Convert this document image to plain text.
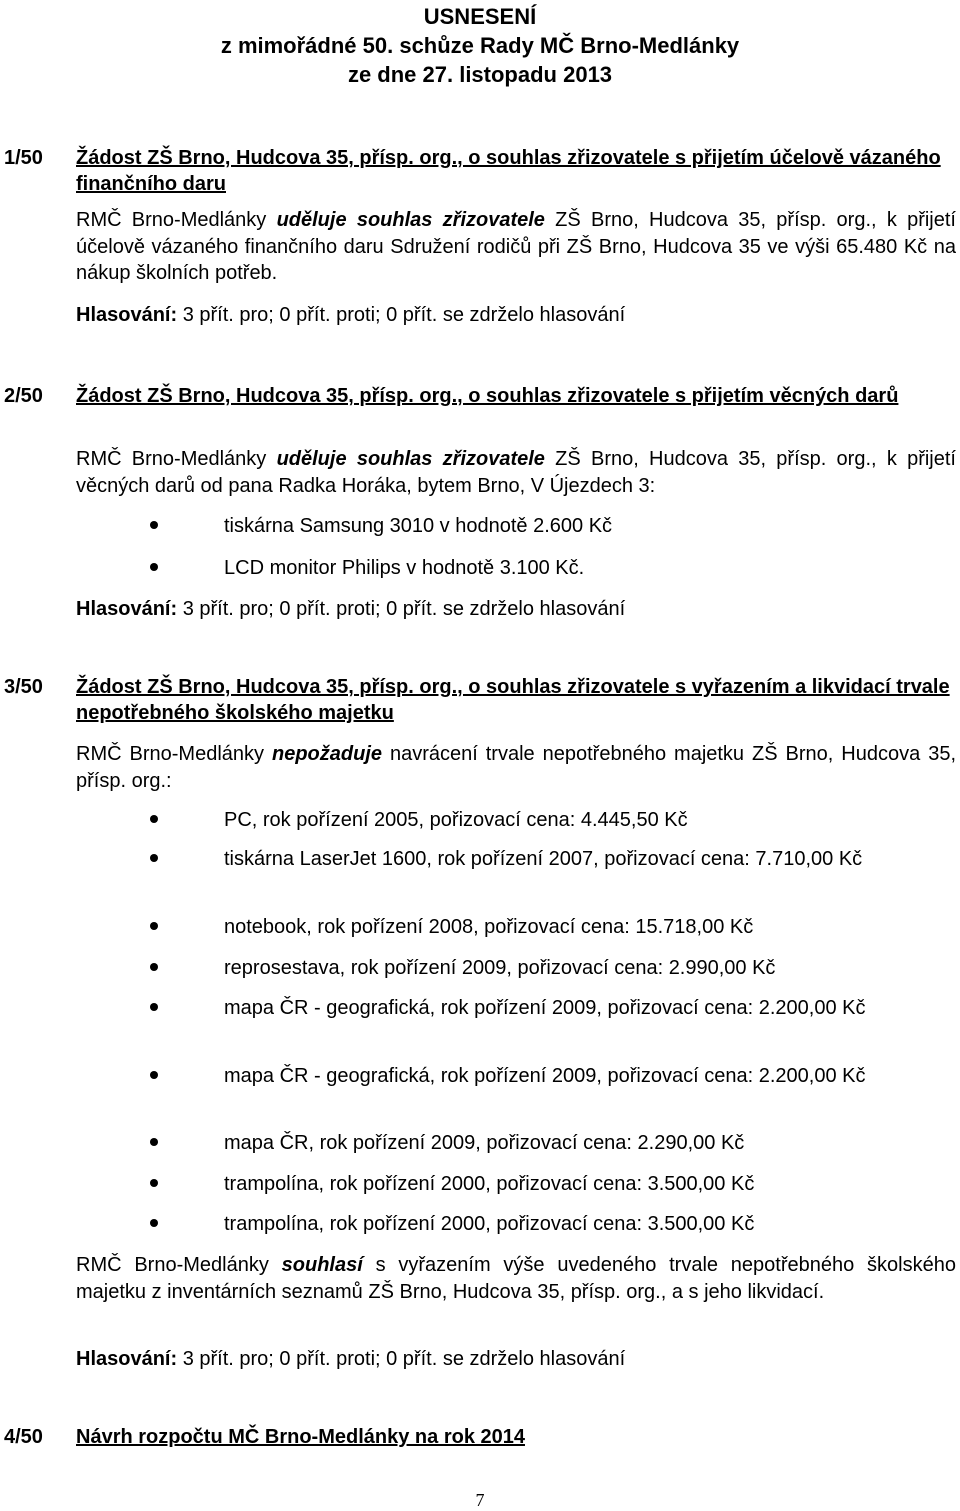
USNESENÍ
z mimořádné 50. schůze Rady MČ Brno-Medlánky
ze dne 27. listopadu 2013
1/50 Žádost ZŠ Brno, Hudcova 35, přísp. org., o souhlas zřizovatele s přijetím účelově vázaného finančního daru
RMČ Brno-Medlánky uděluje souhlas zřizovatele ZŠ Brno, Hudcova 35, přísp. org., k přijetí účelově vázaného finančního daru Sdružení rodičů při ZŠ Brno, Hudcova 35 ve výši 65.480 Kč na nákup školních potřeb.
Hlasování: 3 přít. pro; 0 přít. proti; 0 přít. se zdrželo hlasování
2/50 Žádost ZŠ Brno, Hudcova 35, přísp. org., o souhlas zřizovatele s přijetím věcných darů
RMČ Brno-Medlánky uděluje souhlas zřizovatele ZŠ Brno, Hudcova 35, přísp. org., k přijetí věcných darů od pana Radka Horáka, bytem Brno, V Újezdech 3:
tiskárna Samsung 3010 v hodnotě 2.600 Kč
LCD monitor Philips v hodnotě 3.100 Kč.
Hlasování: 3 přít. pro; 0 přít. proti; 0 přít. se zdrželo hlasování
3/50 Žádost ZŠ Brno, Hudcova 35, přísp. org., o souhlas zřizovatele s vyřazením a likvidací trvale nepotřebného školského majetku
RMČ Brno-Medlánky nepožaduje navrácení trvale nepotřebného majetku ZŠ Brno, Hudcova 35, přísp. org.:
PC, rok pořízení 2005, pořizovací cena: 4.445,50 Kč
tiskárna LaserJet 1600, rok pořízení 2007, pořizovací cena: 7.710,00 Kč
notebook, rok pořízení 2008, pořizovací cena: 15.718,00 Kč
reprosestava, rok pořízení 2009, pořizovací cena: 2.990,00 Kč
mapa ČR - geografická, rok pořízení 2009, pořizovací cena: 2.200,00 Kč
mapa ČR - geografická, rok pořízení 2009, pořizovací cena: 2.200,00 Kč
mapa ČR, rok pořízení 2009, pořizovací cena: 2.290,00 Kč
trampolína, rok pořízení 2000, pořizovací cena: 3.500,00 Kč
trampolína, rok pořízení 2000, pořizovací cena: 3.500,00 Kč
RMČ Brno-Medlánky souhlasí s vyřazením výše uvedeného trvale nepotřebného školského majetku z inventárních seznamů ZŠ Brno, Hudcova 35, přísp. org., a s jeho likvidací.
Hlasování: 3 přít. pro; 0 přít. proti; 0 přít. se zdrželo hlasování
4/50 Návrh rozpočtu MČ Brno-Medlánky na rok 2014
7
